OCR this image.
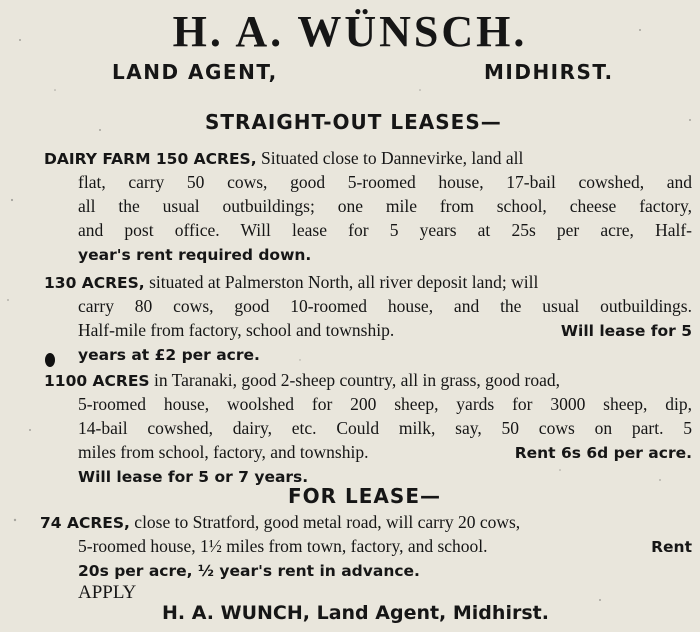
H. A. WÜNSCH.
LAND AGENT,	MIDHIRST.
STRAIGHT-OUT LEASES—
DAIRY FARM 150 ACRES, Situated close to Dannevirke, land all
flat, carry 50 cows, good 5-roomed house, 17-bail cowshed, and
all the usual outbuildings; one mile from school, cheese factory,
and post office. Will lease for 5 years at 25s per acre, Half-
year's rent required down.
130 ACRES, situated at Palmerston North, all river deposit land; will
carry 80 cows, good 10-roomed house, and the usual outbuildings.
Half-mile from factory, school and township.	Will lease for 5
years at £2 per acre.
1100 ACRES in Taranaki, good 2-sheep country, all in grass, good road,
5-roomed house, woolshed for 200 sheep, yards for 3000 sheep, dip,
14-bail cowshed, dairy, etc. Could milk, say, 50 cows on part. 5
miles from school, factory, and township.	Rent 6s 6d per acre.
Will lease for 5 or 7 years.
FOR LEASE—
74 ACRES, close to Stratford, good metal road, will carry 20 cows,
5-roomed house, 1½ miles from town, factory, and school.	Rent
20s per acre, ½ year's rent in advance.
APPLY
H. A. WUNCH, Land Agent, Midhirst.
